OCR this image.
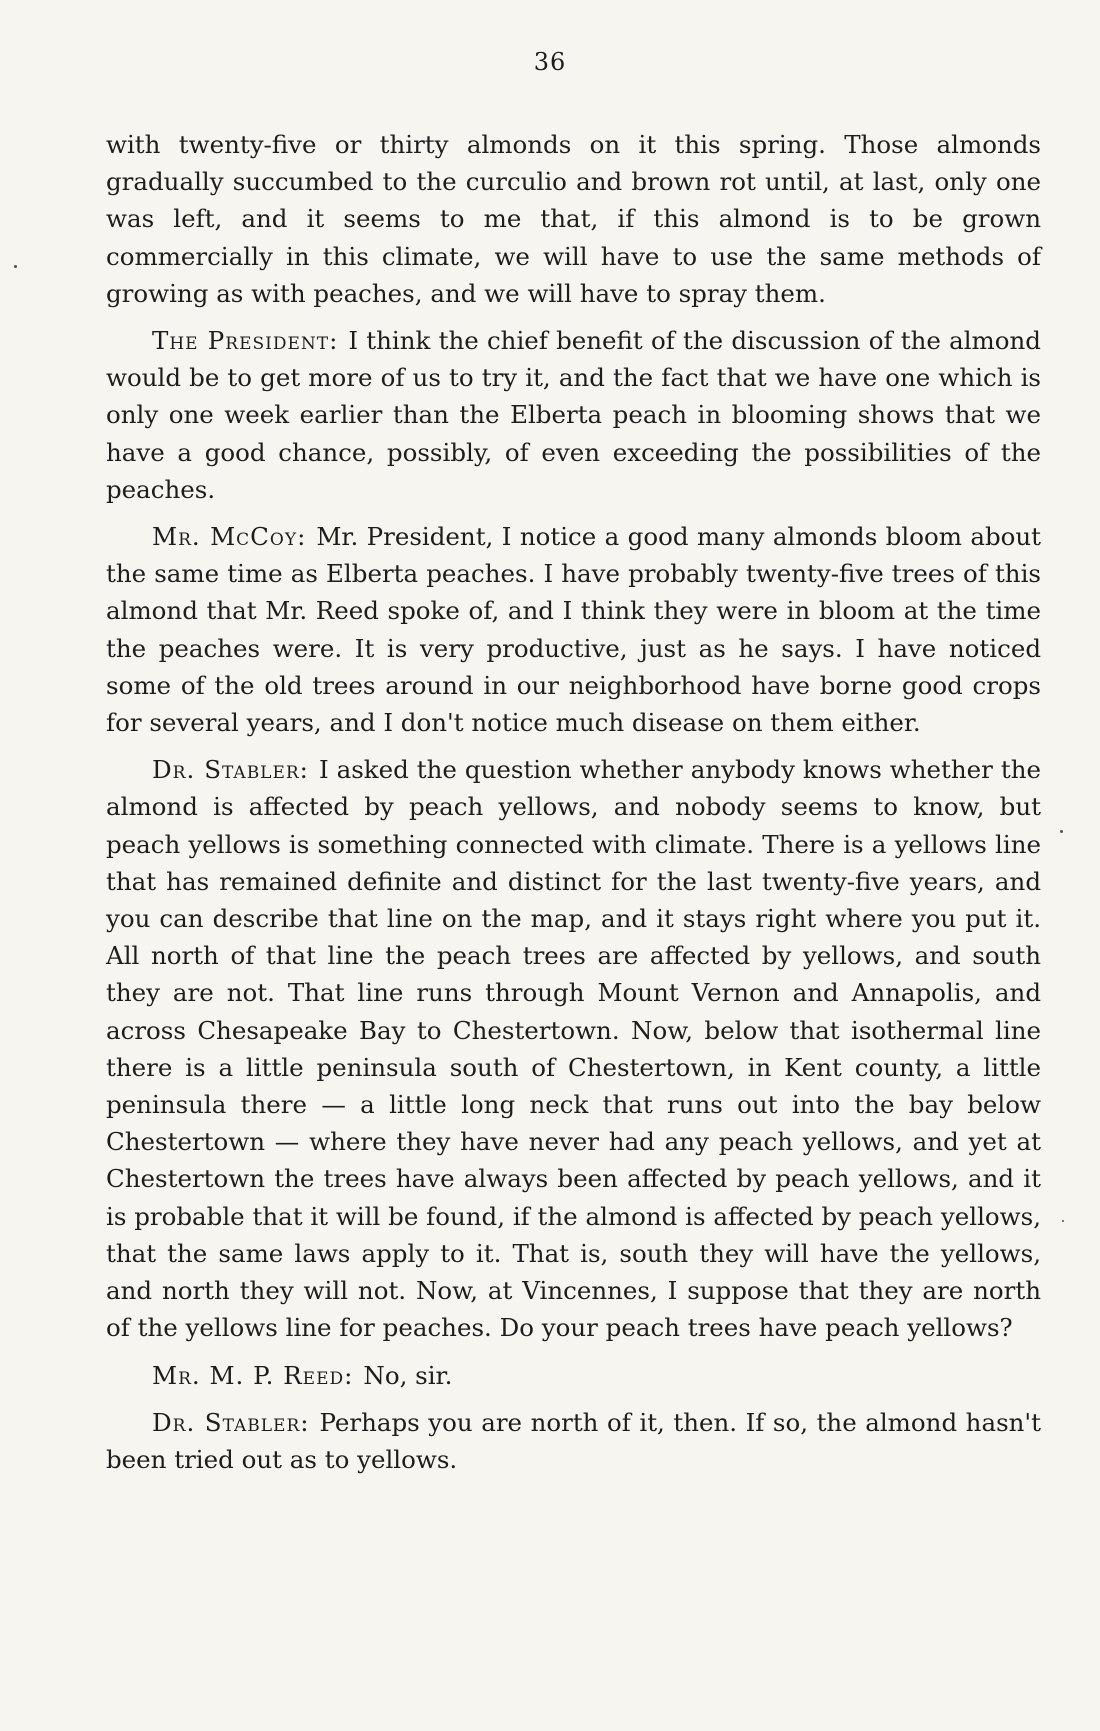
36

with twenty-five or thirty almonds on it this spring. Those almonds gradually succumbed to the curculio and brown rot until, at last, only one was left, and it seems to me that, if this almond is to be grown commercially in this climate, we will have to use the same methods of growing as with peaches, and we will have to spray them.

The President: I think the chief benefit of the discussion of the almond would be to get more of us to try it, and the fact that we have one which is only one week earlier than the Elberta peach in blooming shows that we have a good chance, possibly, of even exceeding the possibilities of the peaches.

Mr. McCoy: Mr. President, I notice a good many almonds bloom about the same time as Elberta peaches. I have probably twenty-five trees of this almond that Mr. Reed spoke of, and I think they were in bloom at the time the peaches were. It is very productive, just as he says. I have noticed some of the old trees around in our neighborhood have borne good crops for several years, and I don't notice much disease on them either.

Dr. Stabler: I asked the question whether anybody knows whether the almond is affected by peach yellows, and nobody seems to know, but peach yellows is something connected with climate. There is a yellows line that has remained definite and distinct for the last twenty-five years, and you can describe that line on the map, and it stays right where you put it. All north of that line the peach trees are affected by yellows, and south they are not. That line runs through Mount Vernon and Annapolis, and across Chesapeake Bay to Chestertown. Now, below that isothermal line there is a little peninsula south of Chestertown, in Kent county, a little peninsula there — a little long neck that runs out into the bay below Chestertown — where they have never had any peach yellows, and yet at Chestertown the trees have always been affected by peach yellows, and it is probable that it will be found, if the almond is affected by peach yellows, that the same laws apply to it. That is, south they will have the yellows, and north they will not. Now, at Vincennes, I suppose that they are north of the yellows line for peaches. Do your peach trees have peach yellows?

Mr. M. P. Reed: No, sir.

Dr. Stabler: Perhaps you are north of it, then. If so, the almond hasn't been tried out as to yellows.
